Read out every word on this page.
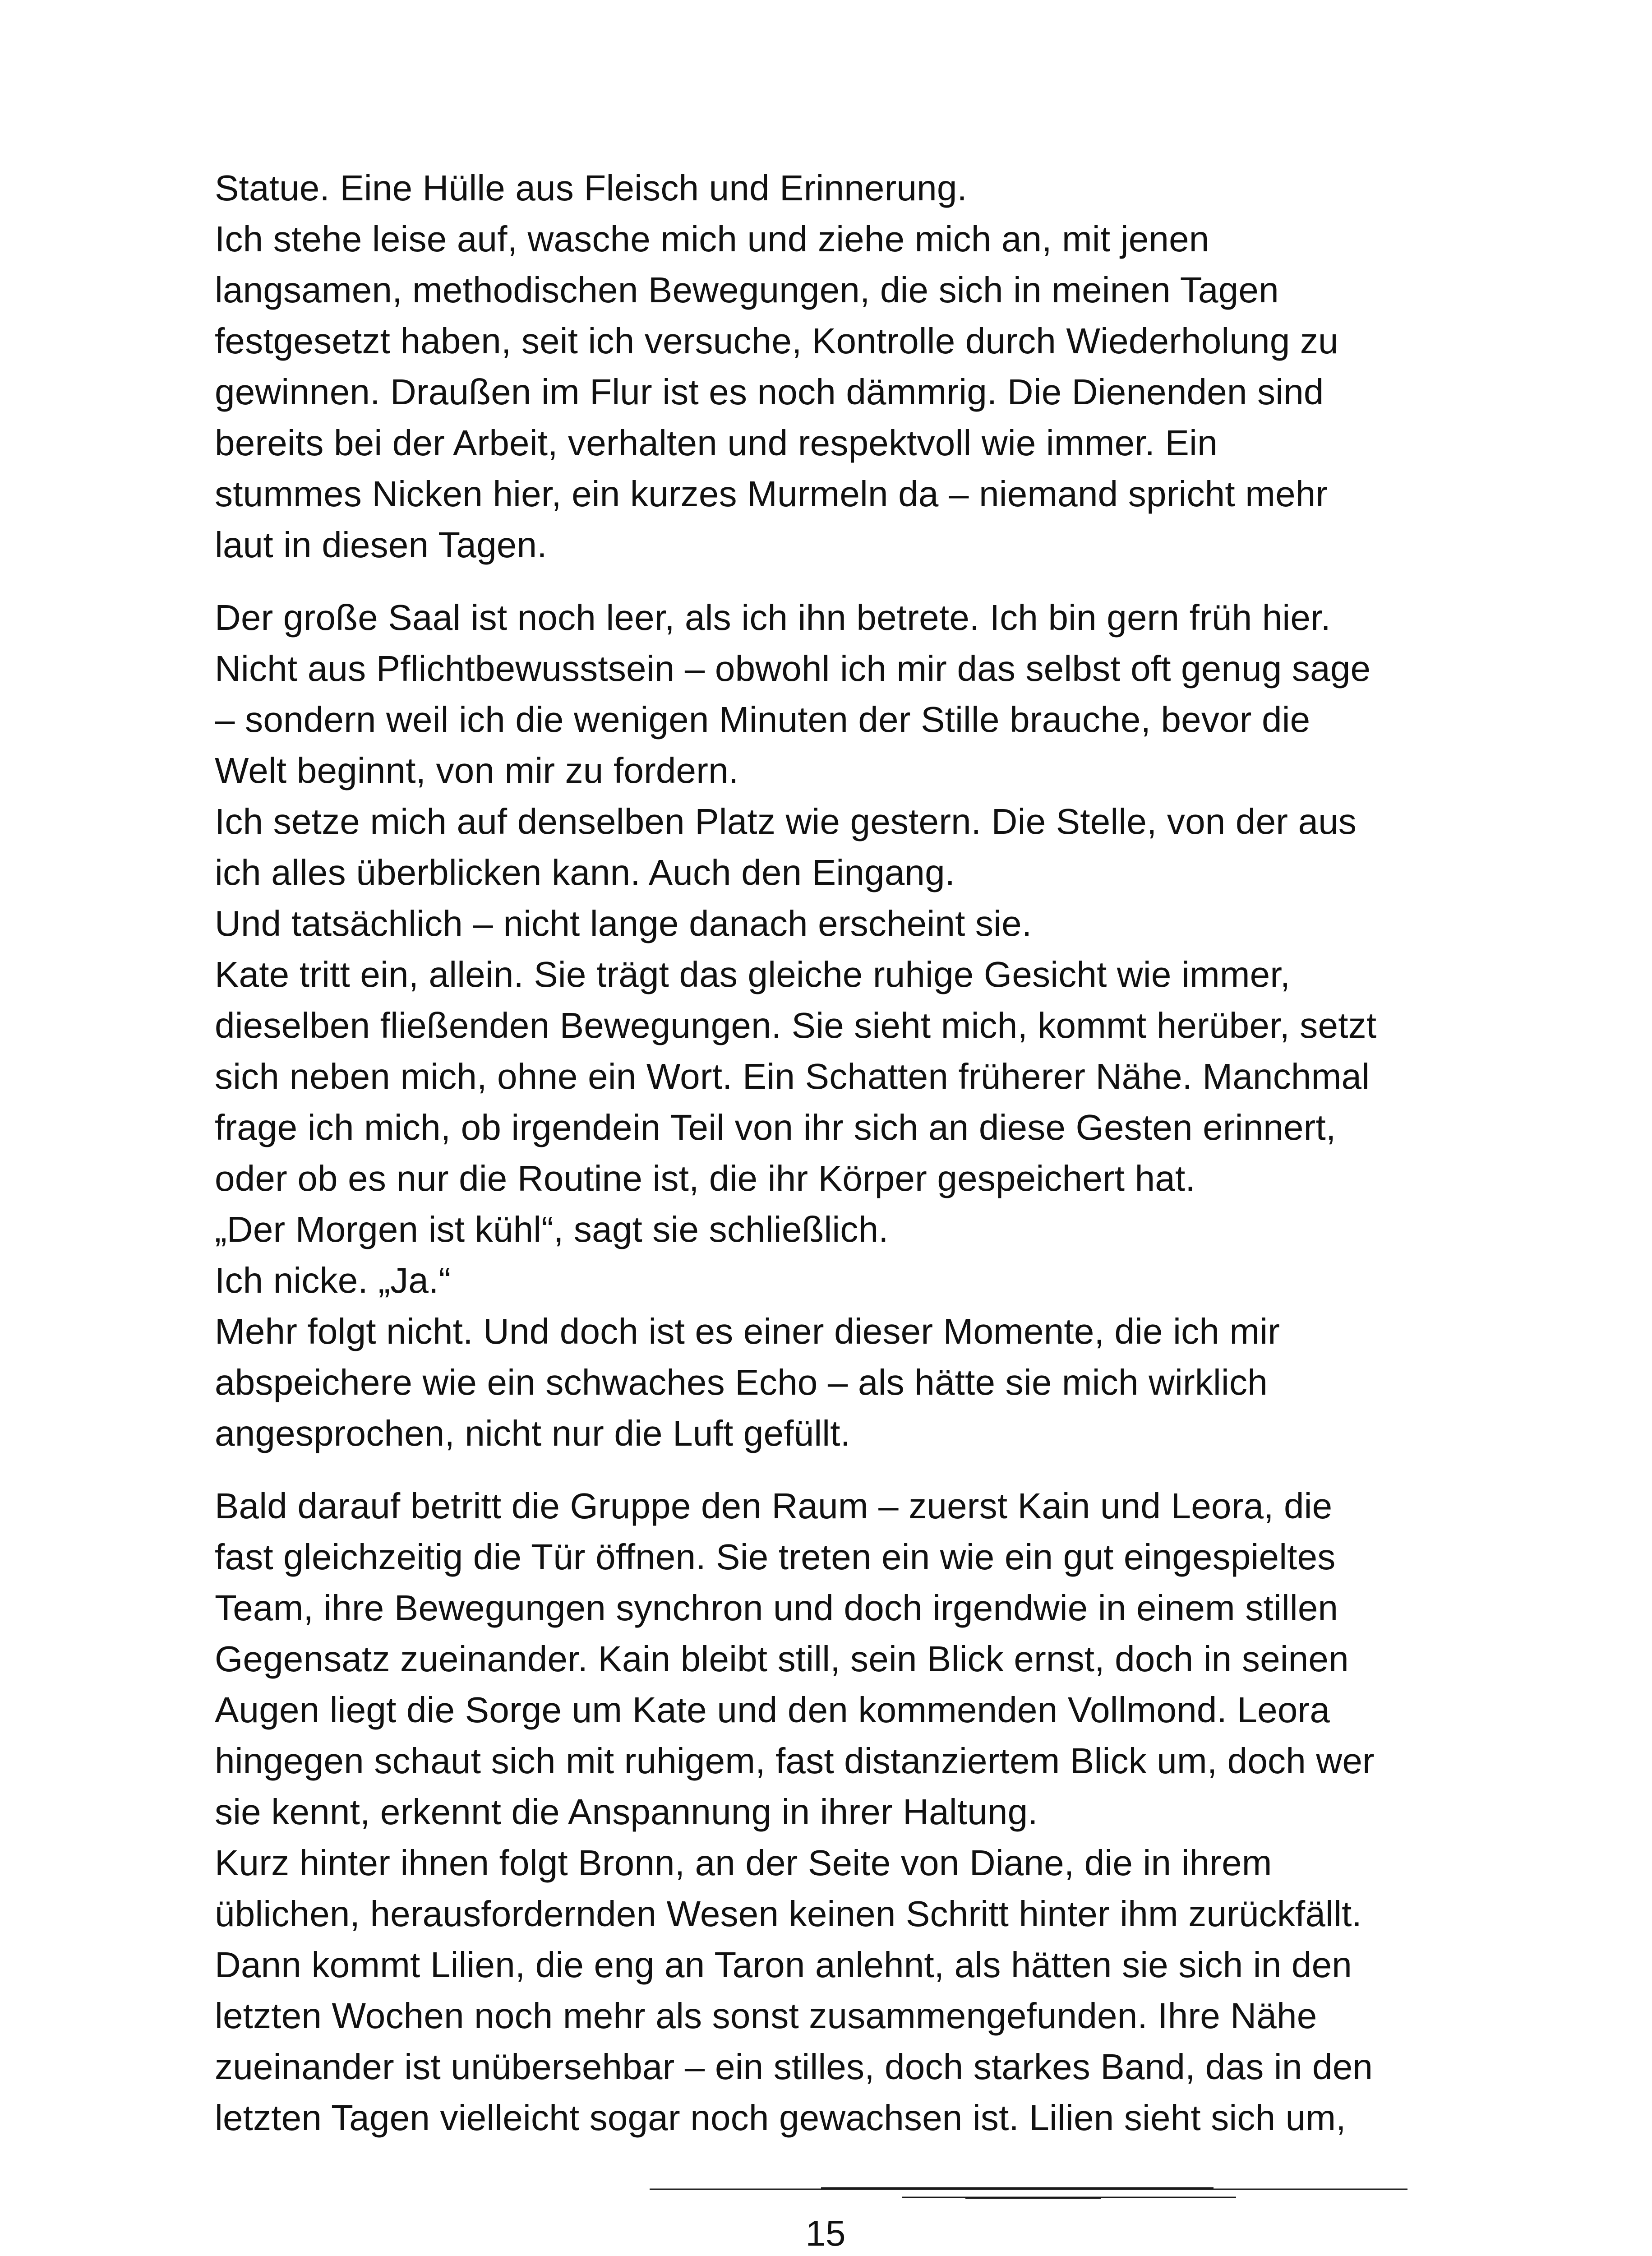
Statue. Eine Hülle aus Fleisch und Erinnerung.
Ich stehe leise auf, wasche mich und ziehe mich an, mit jenen
langsamen, methodischen Bewegungen, die sich in meinen Tagen
festgesetzt haben, seit ich versuche, Kontrolle durch Wiederholung zu
gewinnen. Draußen im Flur ist es noch dämmrig. Die Dienenden sind
bereits bei der Arbeit, verhalten und respektvoll wie immer. Ein
stummes Nicken hier, ein kurzes Murmeln da – niemand spricht mehr
laut in diesen Tagen.
Der große Saal ist noch leer, als ich ihn betrete. Ich bin gern früh hier.
Nicht aus Pflichtbewusstsein – obwohl ich mir das selbst oft genug sage
– sondern weil ich die wenigen Minuten der Stille brauche, bevor die
Welt beginnt, von mir zu fordern.
Ich setze mich auf denselben Platz wie gestern. Die Stelle, von der aus
ich alles überblicken kann. Auch den Eingang.
Und tatsächlich – nicht lange danach erscheint sie.
Kate tritt ein, allein. Sie trägt das gleiche ruhige Gesicht wie immer,
dieselben fließenden Bewegungen. Sie sieht mich, kommt herüber, setzt
sich neben mich, ohne ein Wort. Ein Schatten früherer Nähe. Manchmal
frage ich mich, ob irgendein Teil von ihr sich an diese Gesten erinnert,
oder ob es nur die Routine ist, die ihr Körper gespeichert hat.
„Der Morgen ist kühl“, sagt sie schließlich.
Ich nicke. „Ja.“
Mehr folgt nicht. Und doch ist es einer dieser Momente, die ich mir
abspeichere wie ein schwaches Echo – als hätte sie mich wirklich
angesprochen, nicht nur die Luft gefüllt.
Bald darauf betritt die Gruppe den Raum – zuerst Kain und Leora, die
fast gleichzeitig die Tür öffnen. Sie treten ein wie ein gut eingespieltes
Team, ihre Bewegungen synchron und doch irgendwie in einem stillen
Gegensatz zueinander. Kain bleibt still, sein Blick ernst, doch in seinen
Augen liegt die Sorge um Kate und den kommenden Vollmond. Leora
hingegen schaut sich mit ruhigem, fast distanziertem Blick um, doch wer
sie kennt, erkennt die Anspannung in ihrer Haltung.
Kurz hinter ihnen folgt Bronn, an der Seite von Diane, die in ihrem
üblichen, herausfordernden Wesen keinen Schritt hinter ihm zurückfällt.
Dann kommt Lilien, die eng an Taron anlehnt, als hätten sie sich in den
letzten Wochen noch mehr als sonst zusammengefunden. Ihre Nähe
zueinander ist unübersehbar – ein stilles, doch starkes Band, das in den
letzten Tagen vielleicht sogar noch gewachsen ist. Lilien sieht sich um,
15
